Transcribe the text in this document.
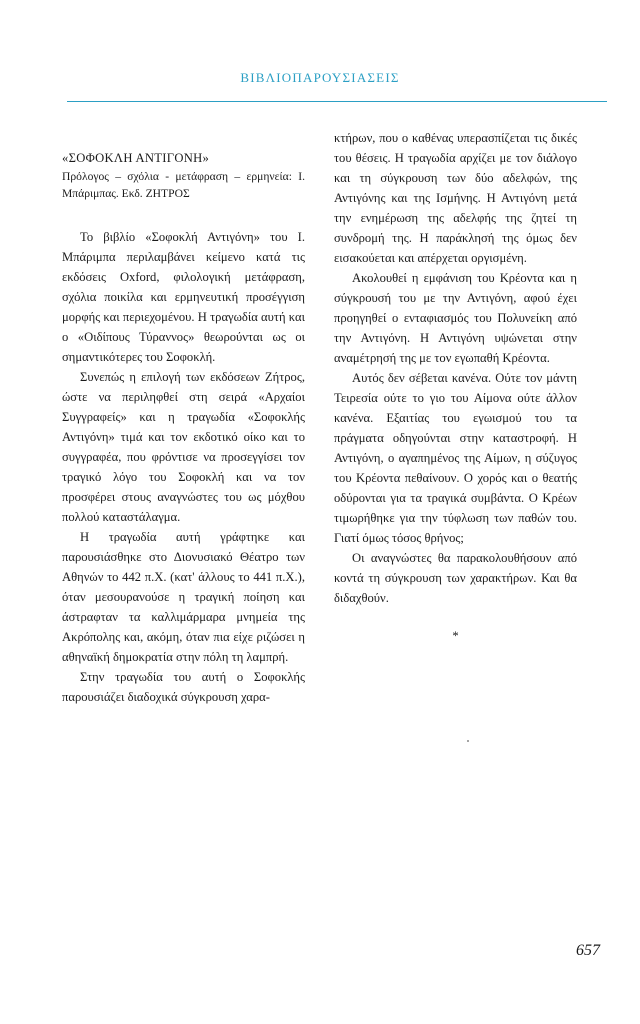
ΒΙΒΛΙΟΠΑΡΟΥΣΙΑΣΕΙΣ

«ΣΟΦΟΚΛΗ ΑΝΤΙΓΟΝΗ»

Πρόλογος – σχόλια - μετάφραση – ερμηνεία: Ι. Μπάριμπας. Εκδ. ΖΗΤΡΟΣ

Το βιβλίο «Σοφοκλή Αντιγόνη» του Ι. Μπάριμπα περιλαμβάνει κείμενο κατά τις εκδόσεις Oxford, φιλολογική μετάφραση, σχόλια ποικίλα και ερμηνευτική προσέγγιση μορφής και περιεχομένου. Η τραγωδία αυτή και ο «Οιδίπους Τύραννος» θεωρούνται ως οι σημαντικότερες του Σοφοκλή.

Συνεπώς η επιλογή των εκδόσεων Ζήτρος, ώστε να περιληφθεί στη σειρά «Αρχαίοι Συγγραφείς» και η τραγωδία «Σοφοκλής Αντιγόνη» τιμά και τον εκδοτικό οίκο και το συγγραφέα, που φρόντισε να προσεγγίσει τον τραγικό λόγο του Σοφοκλή και να τον προσφέρει στους αναγνώστες του ως μόχθου πολλού καταστάλαγμα.

Η τραγωδία αυτή γράφτηκε και παρουσιάσθηκε στο Διονυσιακό Θέατρο των Αθηνών το 442 π.Χ. (κατ' άλλους το 441 π.Χ.), όταν μεσουρανούσε η τραγική ποίηση και άστραφταν τα καλλιμάρμαρα μνημεία της Ακρόπολης και, ακόμη, όταν πια είχε ριζώσει η αθηναϊκή δημοκρατία στην πόλη τη λαμπρή.

Στην τραγωδία του αυτή ο Σοφοκλής παρουσιάζει διαδοχικά σύγκρουση χαρα-

κτήρων, που ο καθένας υπερασπίζεται τις δικές του θέσεις. Η τραγωδία αρχίζει με τον διάλογο και τη σύγκρουση των δύο αδελφών, της Αντιγόνης και της Ισμήνης. Η Αντιγόνη μετά την ενημέρωση της αδελφής της ζητεί τη συνδρομή της. Η παράκλησή της όμως δεν εισακούεται και απέρχεται οργισμένη.

Ακολουθεί η εμφάνιση του Κρέοντα και η σύγκρουσή του με την Αντιγόνη, αφού έχει προηγηθεί ο ενταφιασμός του Πολυνείκη από την Αντιγόνη. Η Αντιγόνη υψώνεται στην αναμέτρησή της με τον εγωπαθή Κρέοντα.

Αυτός δεν σέβεται κανένα. Ούτε τον μάντη Τειρεσία ούτε το γιο του Αίμονα ούτε άλλον κανένα. Εξαιτίας του εγωισμού του τα πράγματα οδηγούνται στην καταστροφή. Η Αντιγόνη, ο αγαπημένος της Αίμων, η σύζυγος του Κρέοντα πεθαίνουν. Ο χορός και ο θεατής οδύρονται για τα τραγικά συμβάντα. Ο Κρέων τιμωρήθηκε για την τύφλωση των παθών του. Γιατί όμως τόσος θρήνος;

Οι αναγνώστες θα παρακολουθήσουν από κοντά τη σύγκρουση των χαρακτήρων. Και θα διδαχθούν.

*

657
